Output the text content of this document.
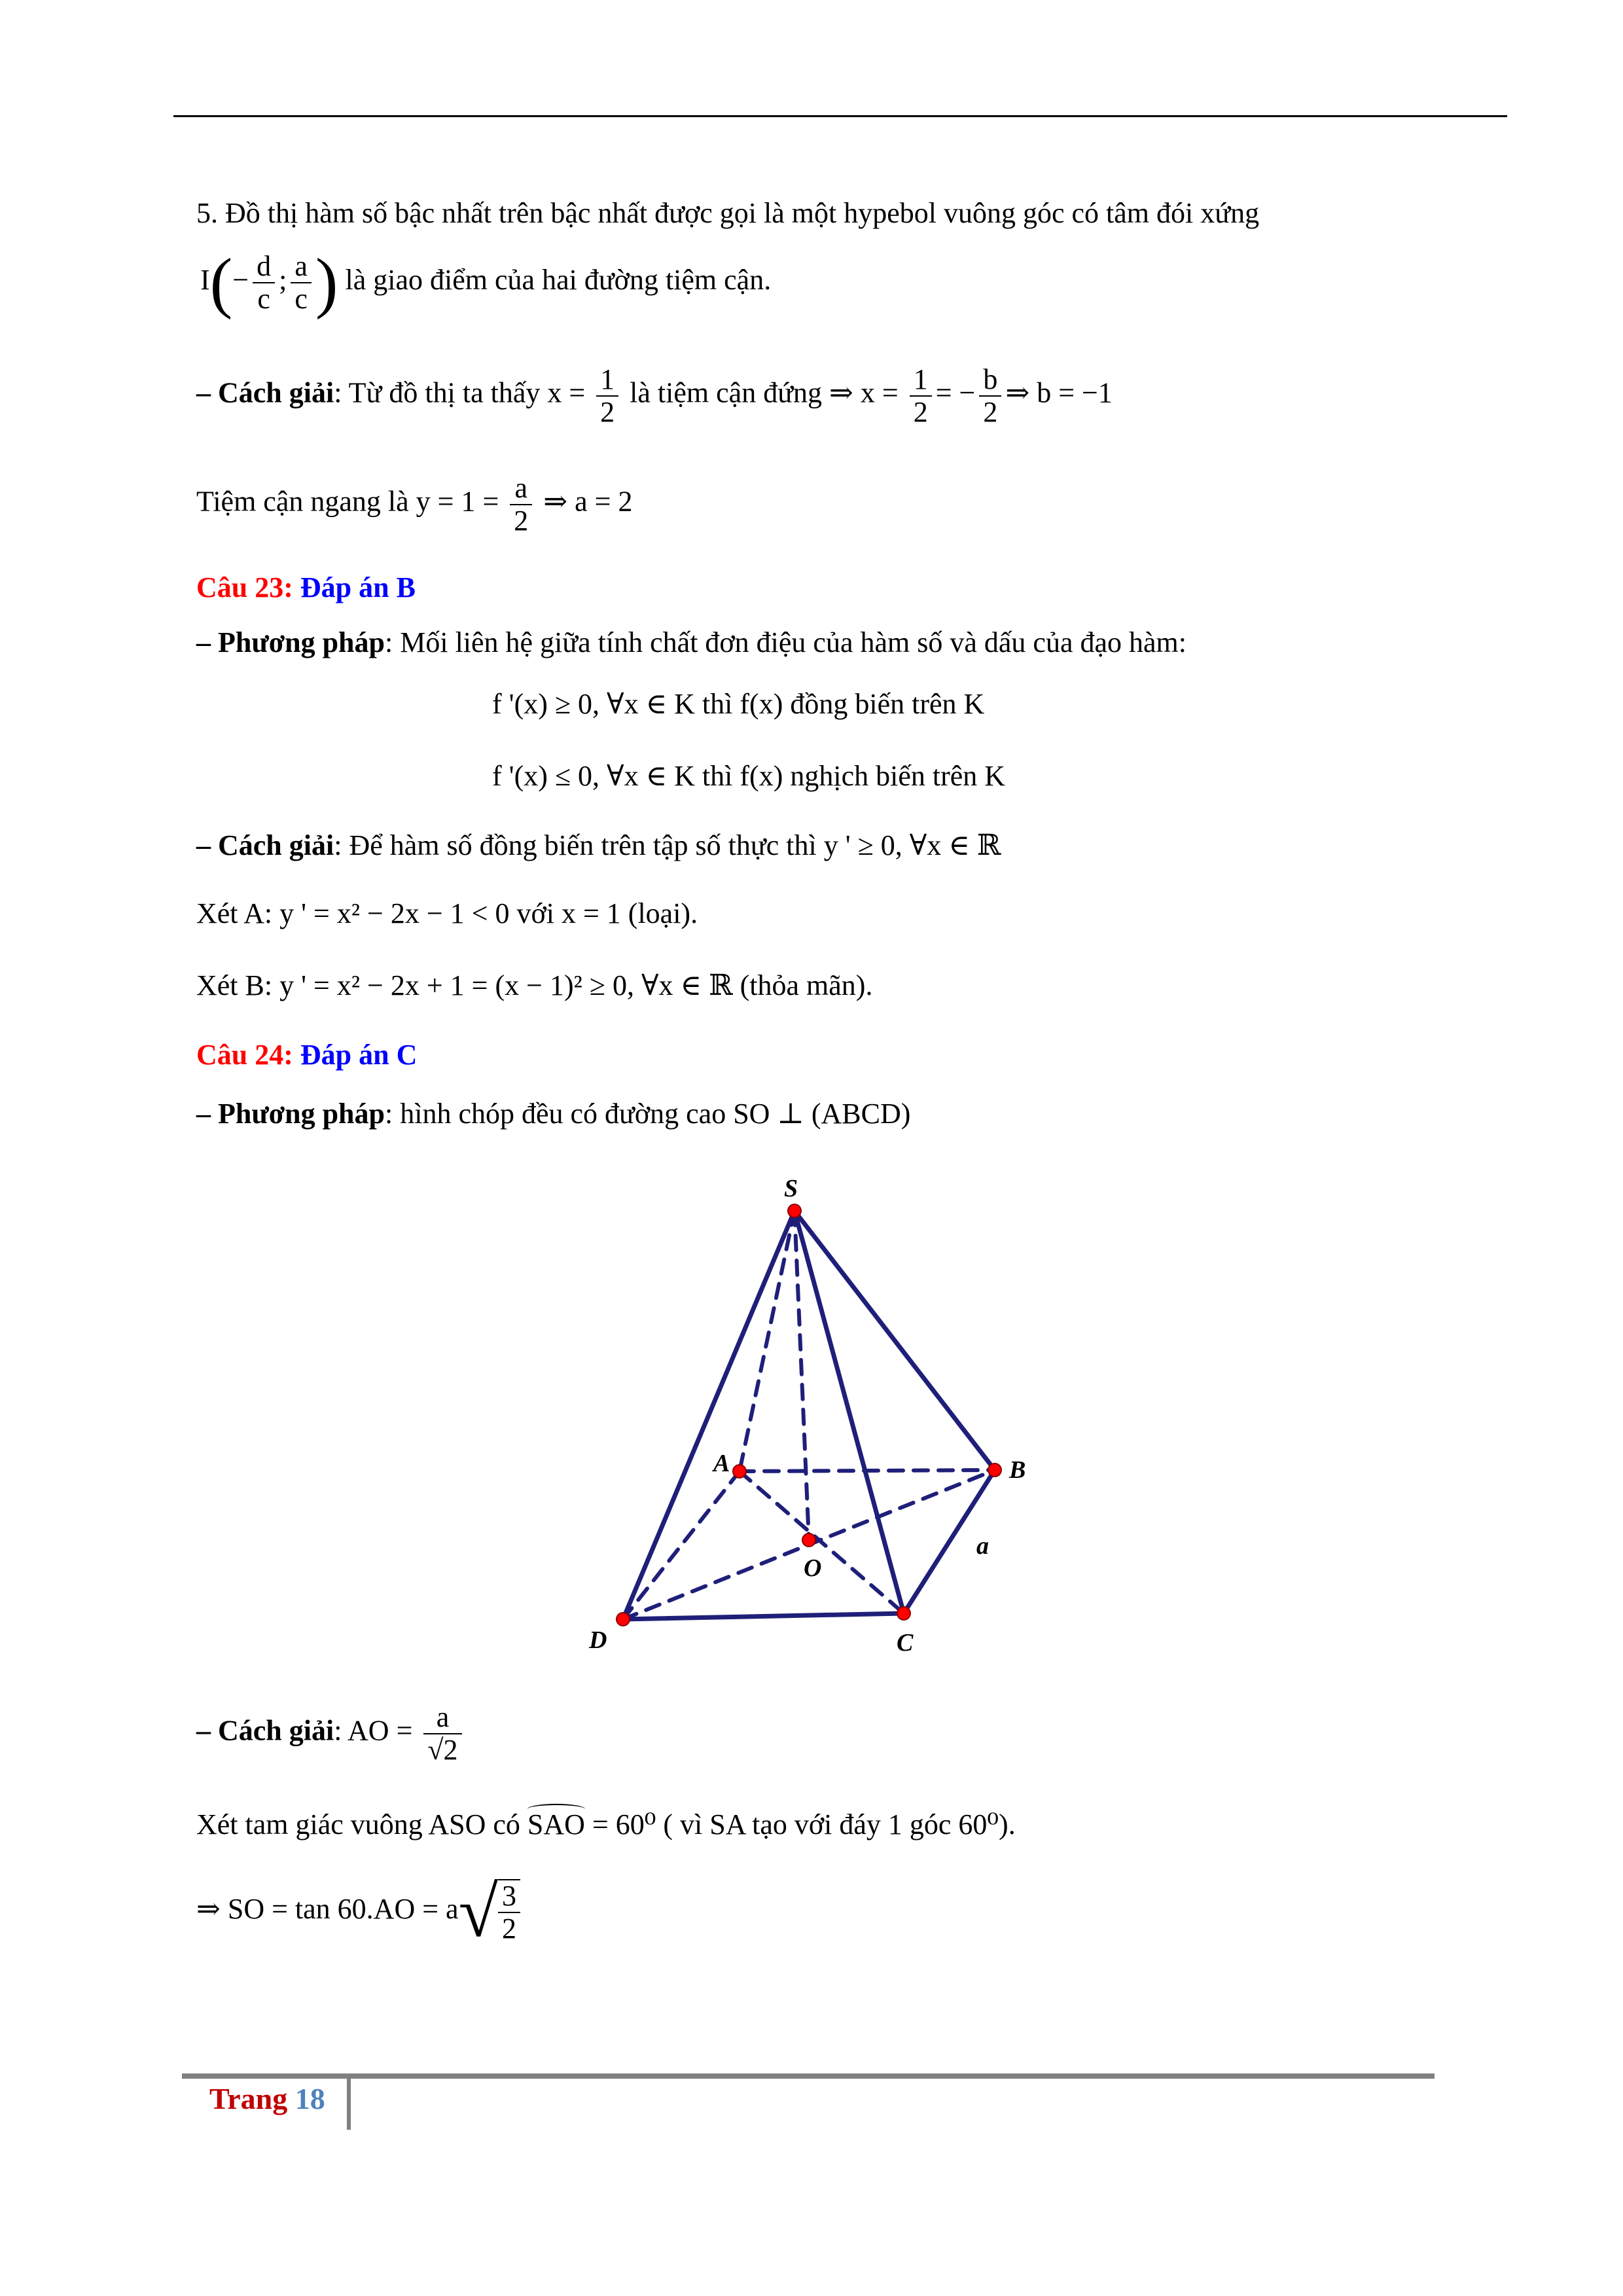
5. Đồ thị hàm số bậc nhất trên bậc nhất được gọi là một hypebol vuông góc có tâm đói xứng
$I(- \frac{d}{c}$ ; $\frac{a}{c}$ ) là giao điểm của hai đường tiệm cận.
– Cách giải: Từ đồ thị ta thấy $x = \frac{1}{2}$ là tiệm cận đứng ⇒ $x = \frac{1}{2}$ = − $\frac{b}{2}$ ⇒ b = −1
Tiệm cận ngang là $y = 1 = \frac{a}{2}$ ⇒ a = 2
Câu 23: Đáp án B
– Phương pháp: Mối liên hệ giữa tính chất đơn điệu của hàm số và dấu của đạo hàm:
f '(x) ≥ 0, ∀x ∈ K thì f(x) đồng biến trên K
f '(x) ≤ 0, ∀x ∈ K thì f(x) nghịch biến trên K
– Cách giải: Để hàm số đồng biến trên tập số thực thì y ' ≥ 0, ∀x ∈ ℝ
Xét A: y ' = x² − 2x − 1 < 0 với x = 1 (loại).
Xét B: y ' = x² − 2x + 1 = (x − 1)² ≥ 0, ∀x ∈ ℝ (thỏa mãn).
Câu 24: Đáp án C
– Phương pháp: hình chóp đều có đường cao SO ⊥ (ABCD)
S
A	B
O
D	C
a
– Cách giải: AO = $\frac{a}{√2}$
Xét tam giác vuông ASO có SAO = 60⁰ ( vì SA tạo với đáy 1 góc 60⁰).
⇒ SO = $\tan 60.AO = a√ \frac{3}{2}$
Trang 18
